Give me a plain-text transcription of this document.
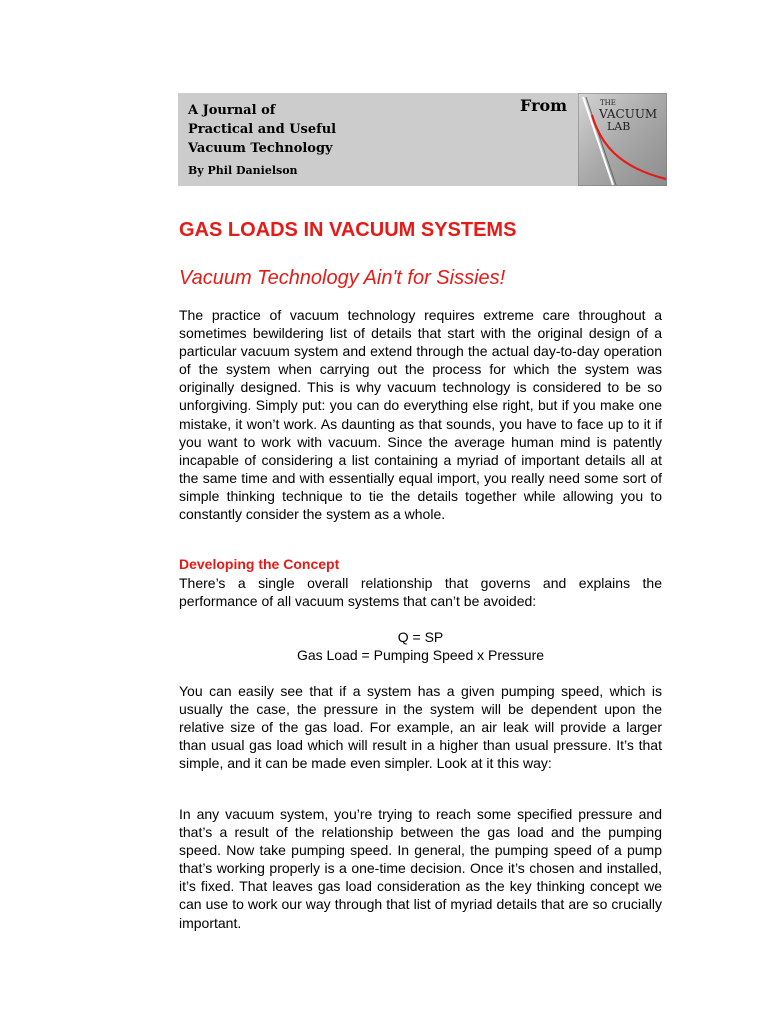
A Journal of
Practical and Useful
Vacuum Technology
By Phil Danielson
From	THE
VACUUM
LAB
GAS LOADS IN VACUUM SYSTEMS
Vacuum Technology Ain't for Sissies!

The practice of vacuum technology requires extreme care throughout a sometimes bewildering list of details that start with the original design of a particular vacuum system and extend through the actual day-to-day operation of the system when carrying out the process for which the system was originally designed. This is why vacuum technology is considered to be so unforgiving. Simply put: you can do everything else right, but if you make one mistake, it won’t work. As daunting as that sounds, you have to face up to it if you want to work with vacuum. Since the average human mind is patently incapable of considering a list containing a myriad of important details all at the same time and with essentially equal import, you really need some sort of simple thinking technique to tie the details together while allowing you to constantly consider the system as a whole.

Developing the Concept

There’s a single overall relationship that governs and explains the performance of all vacuum systems that can’t be avoided:

Q = SP
Gas Load = Pumping Speed x Pressure

You can easily see that if a system has a given pumping speed, which is usually the case, the pressure in the system will be dependent upon the relative size of the gas load. For example, an air leak will provide a larger than usual gas load which will result in a higher than usual pressure. It’s that simple, and it can be made even simpler. Look at it this way:

In any vacuum system, you’re trying to reach some specified pressure and that’s a result of the relationship between the gas load and the pumping speed. Now take pumping speed. In general, the pumping speed of a pump that’s working properly is a one-time decision. Once it’s chosen and installed, it’s fixed. That leaves gas load consideration as the key thinking concept we can use to work our way through that list of myriad details that are so crucially important.
